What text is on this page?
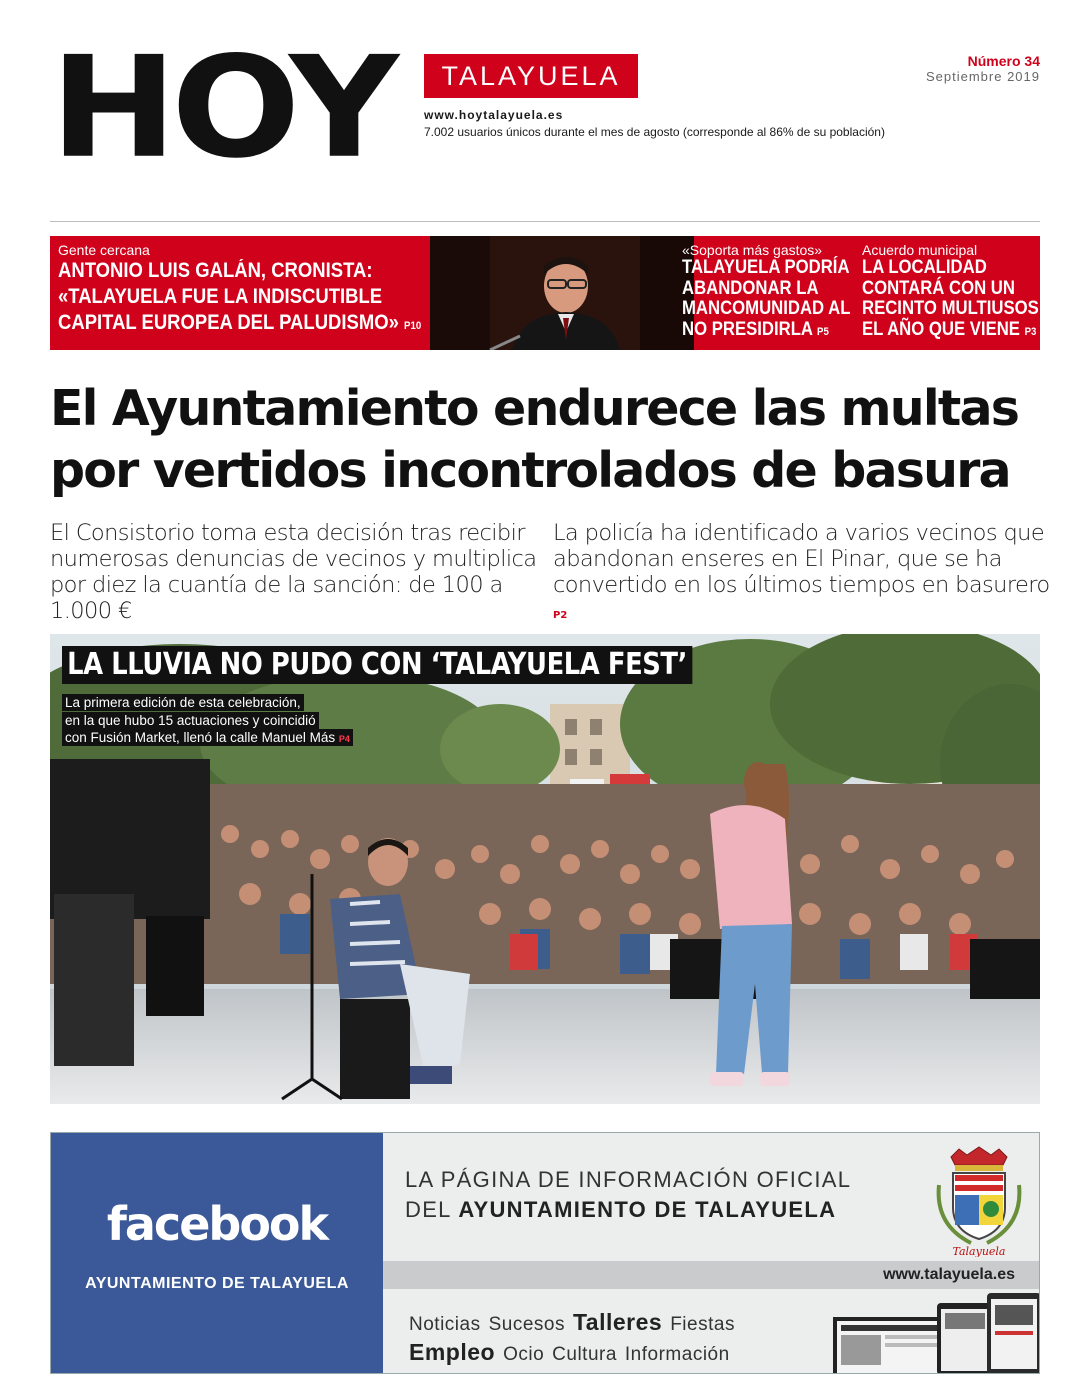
HOY	TALAYUELA
www.hoytalayuela.es
7.002 usuarios únicos durante el mes de agosto (corresponde al 86% de su población)
Número 34
Septiembre 2019
Gente cercana
ANTONIO LUIS GALÁN, CRONISTA:
«TALAYUELA FUE LA INDISCUTIBLE
CAPITAL EUROPEA DEL PALUDISMO» P10
«Soporta más gastos»
TALAYUELA PODRÍA
ABANDONAR LA
MANCOMUNIDAD AL
NO PRESIDIRLA P5
Acuerdo municipal
LA LOCALIDAD
CONTARÁ CON UN
RECINTO MULTIUSOS
EL AÑO QUE VIENE P3
El Ayuntamiento endurece las multas
por vertidos incontrolados de basura
El Consistorio toma esta decisión tras recibir numerosas denuncias de vecinos y multiplica por diez la cuantía de la sanción: de 100 a 1.000 €
La policía ha identificado a varios vecinos que abandonan enseres en El Pinar, que se ha convertido en los últimos tiempos en basurero P2
LA LLUVIA NO PUDO CON ‘TALAYUELA FEST’
La primera edición de esta celebración,
en la que hubo 15 actuaciones y coincidió
con Fusión Market, llenó la calle Manuel Más P4
facebook
AYUNTAMIENTO DE TALAYUELA
LA PÁGINA DE INFORMACIÓN OFICIAL
DEL AYUNTAMIENTO DE TALAYUELA
Talayuela
www.talayuela.es
Noticias Sucesos Talleres Fiestas
Empleo Ocio Cultura Información
